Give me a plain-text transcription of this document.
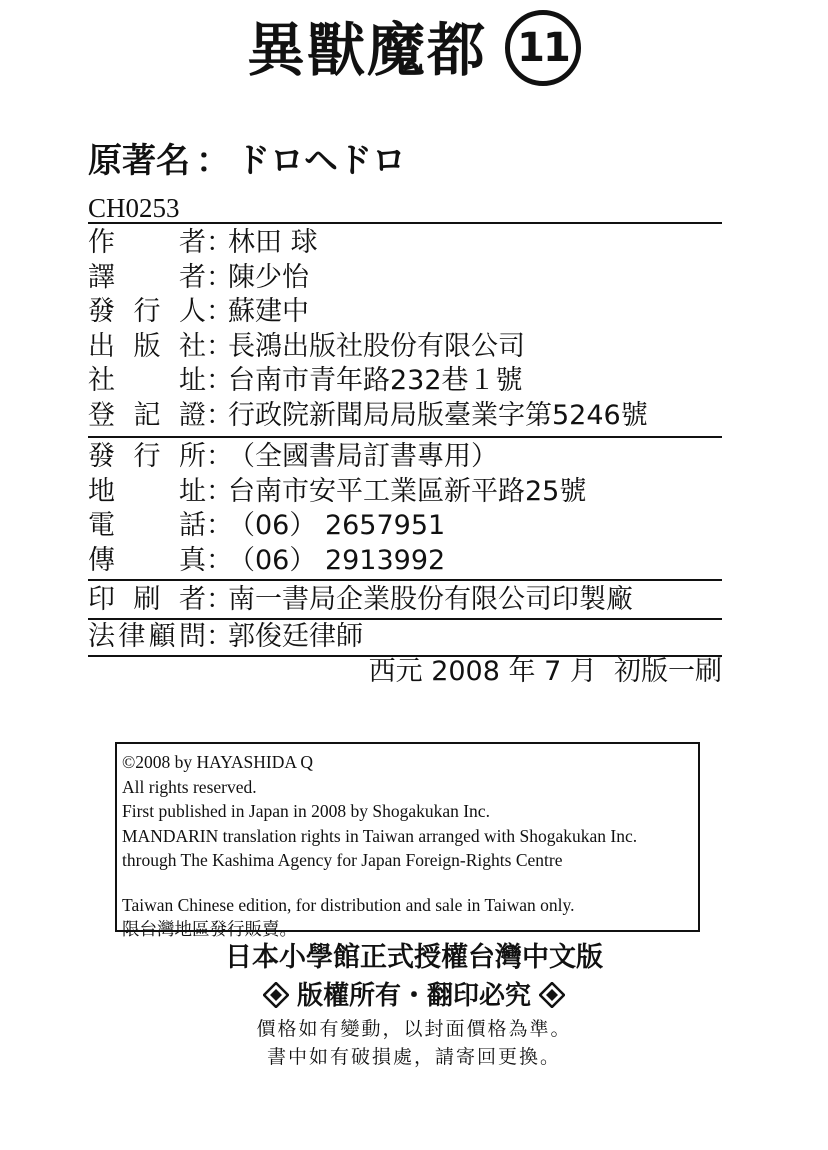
異獸魔都 11
原著名 ： ドロヘドロ
CH0253
作 者 ：
林田 球
譯 者 ：
陳少怡
發 行 人 ：
蘇建中
出 版 社 ：
長鴻出版社股份有限公司
社 址 ：
台南市青年路232巷１號
登 記 證 ：
行政院新聞局局版臺業字第5246號
發 行 所 ：
（全國書局訂書專用）
地 址 ：
台南市安平工業區新平路25號
電 話 ：
（06） 2657951
傳 真 ：
（06） 2913992
印 刷 者 ：
南一書局企業股份有限公司印製廠
法 律 顧 問 ：
郭俊廷律師
西元 2008 年 7 月  初版一刷
©2008 by HAYASHIDA Q
All rights reserved.
First published in Japan in 2008 by Shogakukan Inc.
MANDARIN translation rights in Taiwan arranged with Shogakukan Inc.
through The Kashima Agency for Japan Foreign-Rights Centre
Taiwan Chinese edition, for distribution and sale in Taiwan only.
限台灣地區發行販賣。
日本小學館正式授權台灣中文版
版權所有・翻印必究
價格如有變動，以封面價格為準。
書中如有破損處，請寄回更換。
